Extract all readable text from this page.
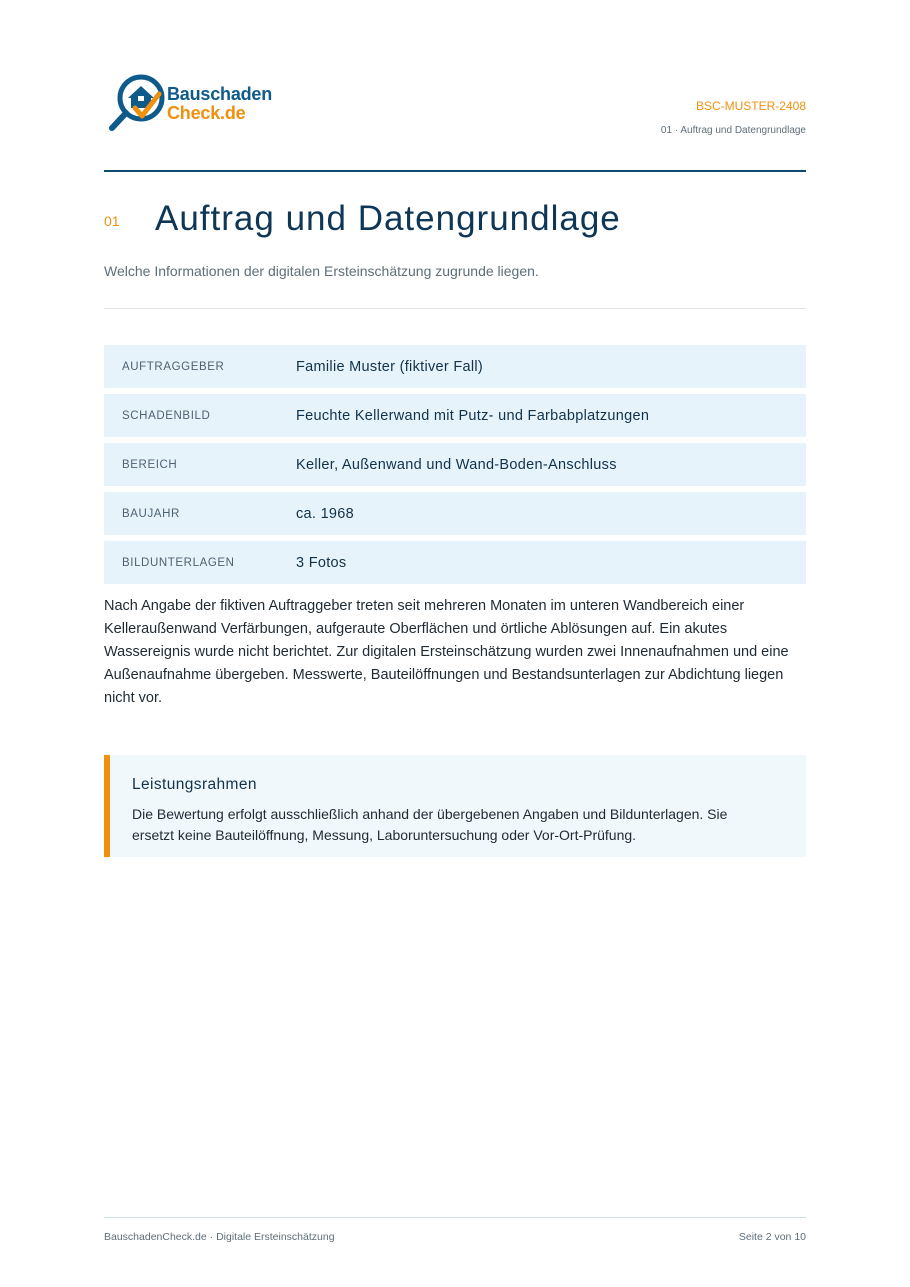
Bauschaden
Check.de	BSC-MUSTER-2408
01 · Auftrag und Datengrundlage
01 Auftrag und Datengrundlage
Welche Informationen der digitalen Ersteinschätzung zugrunde liegen.
AUFTRAGGEBER	Familie Muster (fiktiver Fall)
SCHADENBILD	Feuchte Kellerwand mit Putz- und Farbabplatzungen
BEREICH	Keller, Außenwand und Wand-Boden-Anschluss
BAUJAHR	ca. 1968
BILDUNTERLAGEN	3 Fotos

Nach Angabe der fiktiven Auftraggeber treten seit mehreren Monaten im unteren Wandbereich einer Kelleraußenwand Verfärbungen, aufgeraute Oberflächen und örtliche Ablösungen auf. Ein akutes Wassereignis wurde nicht berichtet. Zur digitalen Ersteinschätzung wurden zwei Innenaufnahmen und eine Außenaufnahme übergeben. Messwerte, Bauteilöffnungen und Bestandsunterlagen zur Abdichtung liegen nicht vor.

Leistungsrahmen

Die Bewertung erfolgt ausschließlich anhand der übergebenen Angaben und Bildunterlagen. Sie ersetzt keine Bauteilöffnung, Messung, Laboruntersuchung oder Vor-Ort-Prüfung.

BauschadenCheck.de · Digitale Ersteinschätzung	Seite 2 von 10
